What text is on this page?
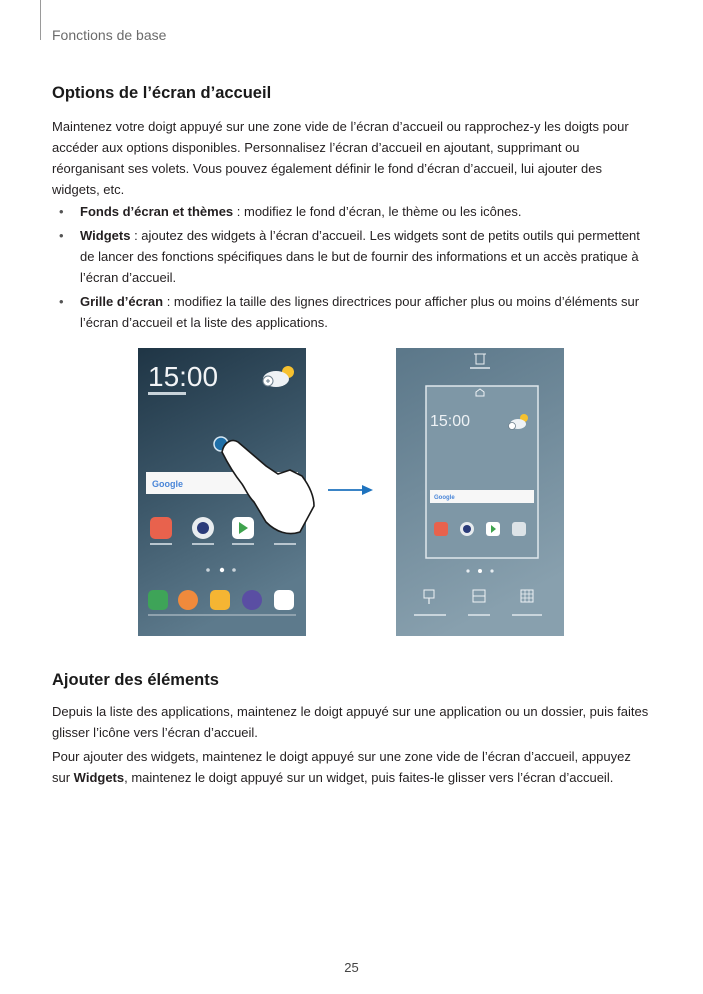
Fonctions de base
Options de l’écran d’accueil

Maintenez votre doigt appuyé sur une zone vide de l’écran d’accueil ou rapprochez-y les doigts pour accéder aux options disponibles. Personnalisez l’écran d’accueil en ajoutant, supprimant ou réorganisant ses volets. Vous pouvez également définir le fond d’écran d’accueil, lui ajouter des widgets, etc.

• Fonds d’écran et thèmes : modifiez le fond d’écran, le thème ou les icônes.
• Widgets : ajoutez des widgets à l’écran d’accueil. Les widgets sont de petits outils qui permettent de lancer des fonctions spécifiques dans le but de fournir des informations et un accès pratique à l’écran d’accueil.
• Grille d’écran : modifiez la taille des lignes directrices pour afficher plus ou moins d’éléments sur l’écran d’accueil et la liste des applications.
15:00
Google
15:00
Google
Ajouter des éléments

Depuis la liste des applications, maintenez le doigt appuyé sur une application ou un dossier, puis faites glisser l’icône vers l’écran d’accueil.

Pour ajouter des widgets, maintenez le doigt appuyé sur une zone vide de l’écran d’accueil, appuyez sur Widgets, maintenez le doigt appuyé sur un widget, puis faites-le glisser vers l’écran d’accueil.

25
